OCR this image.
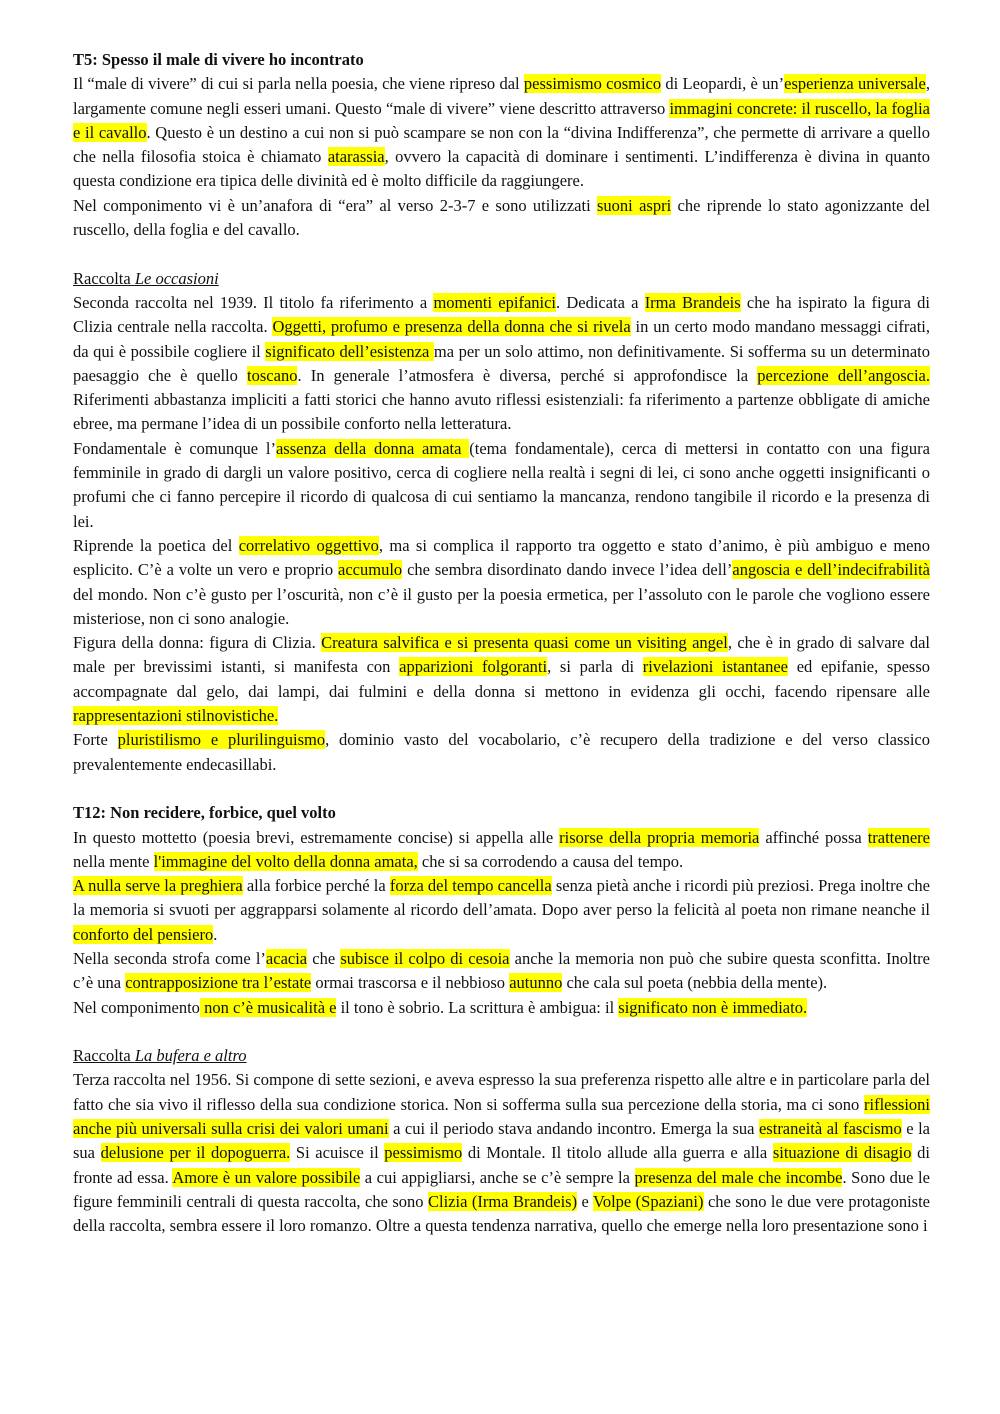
T5: Spesso il male di vivere ho incontrato

Il “male di vivere” di cui si parla nella poesia, che viene ripreso dal pessimismo cosmico di Leopardi, è un’esperienza universale, largamente comune negli esseri umani. Questo “male di vivere” viene descritto attraverso immagini concrete: il ruscello, la foglia e il cavallo. Questo è un destino a cui non si può scampare se non con la “divina Indifferenza”, che permette di arrivare a quello che nella filosofia stoica è chiamato atarassia, ovvero la capacità di dominare i sentimenti. L’indifferenza è divina in quanto questa condizione era tipica delle divinità ed è molto difficile da raggiungere.

Nel componimento vi è un’anafora di “era” al verso 2-3-7 e sono utilizzati suoni aspri che riprende lo stato agonizzante del ruscello, della foglia e del cavallo.

Raccolta Le occasioni

Seconda raccolta nel 1939. Il titolo fa riferimento a momenti epifanici. Dedicata a Irma Brandeis che ha ispirato la figura di Clizia centrale nella raccolta. Oggetti, profumo e presenza della donna che si rivela in un certo modo mandano messaggi cifrati, da qui è possibile cogliere il significato dell’esistenza ma per un solo attimo, non definitivamente. Si sofferma su un determinato paesaggio che è quello toscano. In generale l’atmosfera è diversa, perché si approfondisce la percezione dell’angoscia. Riferimenti abbastanza impliciti a fatti storici che hanno avuto riflessi esistenziali: fa riferimento a partenze obbligate di amiche ebree, ma permane l’idea di un possibile conforto nella letteratura.

Fondamentale è comunque l’assenza della donna amata (tema fondamentale), cerca di mettersi in contatto con una figura femminile in grado di dargli un valore positivo, cerca di cogliere nella realtà i segni di lei, ci sono anche oggetti insignificanti o profumi che ci fanno percepire il ricordo di qualcosa di cui sentiamo la mancanza, rendono tangibile il ricordo e la presenza di lei.

Riprende la poetica del correlativo oggettivo, ma si complica il rapporto tra oggetto e stato d’animo, è più ambiguo e meno esplicito. C’è a volte un vero e proprio accumulo che sembra disordinato dando invece l’idea dell’angoscia e dell’indecifrabilità del mondo. Non c’è gusto per l’oscurità, non c’è il gusto per la poesia ermetica, per l’assoluto con le parole che vogliono essere misteriose, non ci sono analogie.

Figura della donna: figura di Clizia. Creatura salvifica e si presenta quasi come un visiting angel, che è in grado di salvare dal male per brevissimi istanti, si manifesta con apparizioni folgoranti, si parla di rivelazioni istantanee ed epifanie, spesso accompagnate dal gelo, dai lampi, dai fulmini e della donna si mettono in evidenza gli occhi, facendo ripensare alle rappresentazioni stilnovistiche.

Forte pluristilismo e plurilinguismo, dominio vasto del vocabolario, c’è recupero della tradizione e del verso classico prevalentemente endecasillabi.

T12: Non recidere, forbice, quel volto

In questo mottetto (poesia brevi, estremamente concise) si appella alle risorse della propria memoria affinché possa trattenere nella mente l'immagine del volto della donna amata, che si sa corrodendo a causa del tempo.

A nulla serve la preghiera alla forbice perché la forza del tempo cancella senza pietà anche i ricordi più preziosi. Prega inoltre che la memoria si svuoti per aggrapparsi solamente al ricordo dell’amata. Dopo aver perso la felicità al poeta non rimane neanche il conforto del pensiero.

Nella seconda strofa come l’acacia che subisce il colpo di cesoia anche la memoria non può che subire questa sconfitta. Inoltre c’è una contrapposizione tra l’estate ormai trascorsa e il nebbioso autunno che cala sul poeta (nebbia della mente).

Nel componimento non c’è musicalità e il tono è sobrio. La scrittura è ambigua: il significato non è immediato.

Raccolta La bufera e altro

Terza raccolta nel 1956. Si compone di sette sezioni, e aveva espresso la sua preferenza rispetto alle altre e in particolare parla del fatto che sia vivo il riflesso della sua condizione storica. Non si sofferma sulla sua percezione della storia, ma ci sono riflessioni anche più universali sulla crisi dei valori umani a cui il periodo stava andando incontro. Emerga la sua estraneità al fascismo e la sua delusione per il dopoguerra. Si acuisce il pessimismo di Montale. Il titolo allude alla guerra e alla situazione di disagio di fronte ad essa. Amore è un valore possibile a cui appigliarsi, anche se c’è sempre la presenza del male che incombe. Sono due le figure femminili centrali di questa raccolta, che sono Clizia (Irma Brandeis) e Volpe (Spaziani) che sono le due vere protagoniste della raccolta, sembra essere il loro romanzo. Oltre a questa tendenza narrativa, quello che emerge nella loro presentazione sono i
